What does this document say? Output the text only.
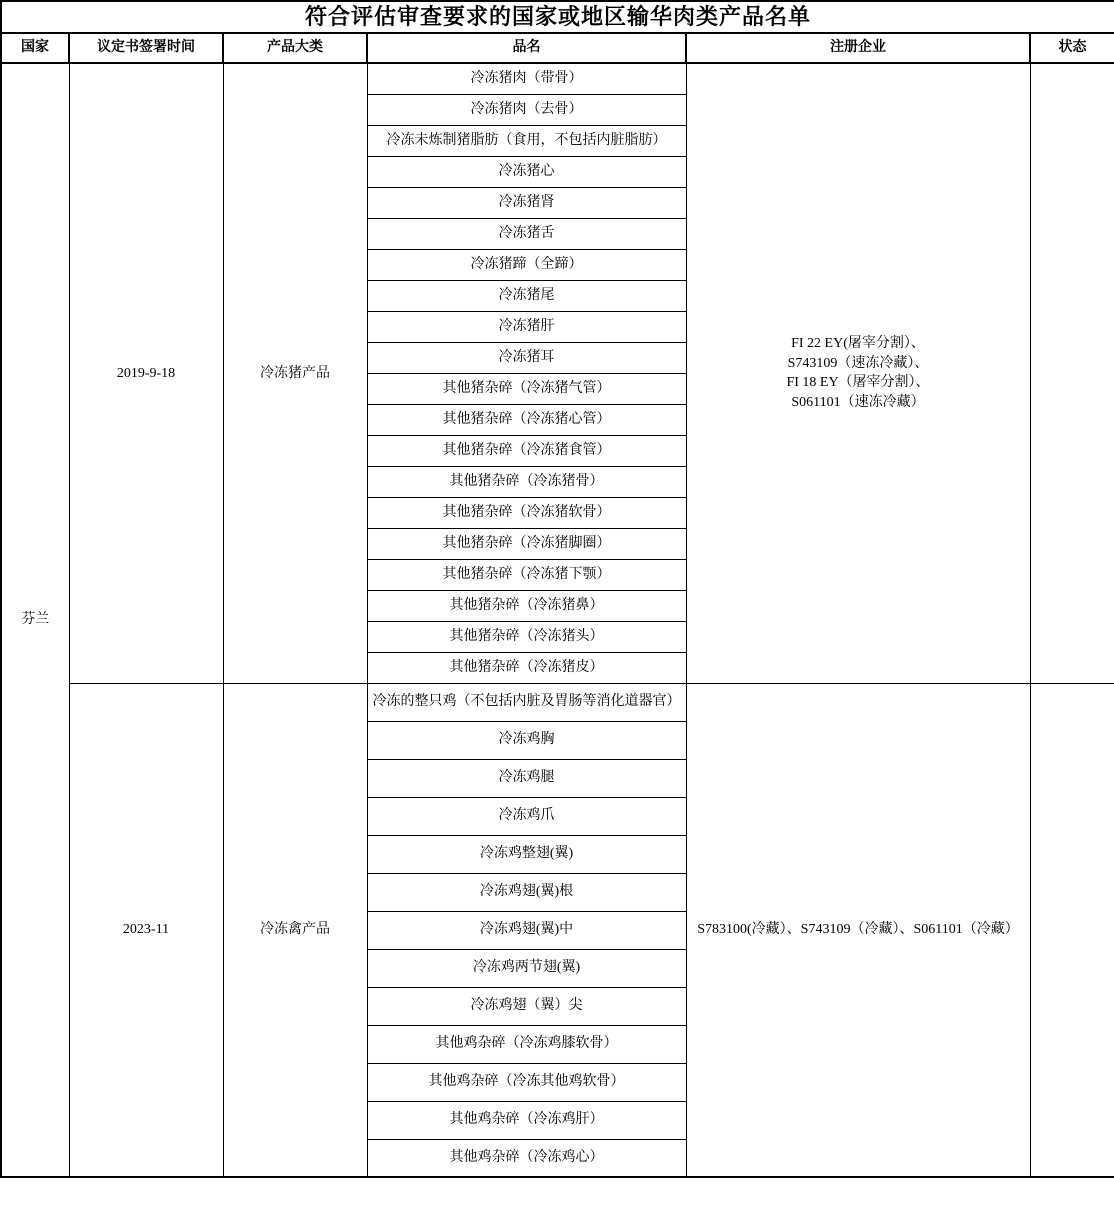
符合评估审查要求的国家或地区输华肉类产品名单					
国家	议定书签署时间	产品大类	品名	注册企业	状态
芬兰	2019-9-18	冷冻猪产品	冷冻猪肉（带骨）	FI 22 EY(屠宰分割）、
S743109（速冻冷藏）、
FI 18 EY（屠宰分割）、
S061101（速冻冷藏）	

			冷冻猪肉（去骨）		
			冷冻未炼制猪脂肪（食用，不包括内脏脂肪）		
			冷冻猪心		
			冷冻猪肾		
			冷冻猪舌		
			冷冻猪蹄（全蹄）		
			冷冻猪尾		
			冷冻猪肝		
			冷冻猪耳		
			其他猪杂碎（冷冻猪气管）		
			其他猪杂碎（冷冻猪心管）		
			其他猪杂碎（冷冻猪食管）		
			其他猪杂碎（冷冻猪骨）		
			其他猪杂碎（冷冻猪软骨）		
			其他猪杂碎（冷冻猪脚圈）		
			其他猪杂碎（冷冻猪下颚）		
			其他猪杂碎（冷冻猪鼻）		
			其他猪杂碎（冷冻猪头）		
			其他猪杂碎（冷冻猪皮）		
	2023-11	冷冻禽产品	冷冻的整只鸡（不包括内脏及胃肠等消化道器官）	S783100(冷藏）、S743109（冷藏）、S061101（冷藏）	

			冷冻鸡胸		
			冷冻鸡腿		
			冷冻鸡爪		
			冷冻鸡整翅(翼)		
			冷冻鸡翅(翼)根		
			冷冻鸡翅(翼)中		
			冷冻鸡两节翅(翼)		
			冷冻鸡翅（翼）尖		
			其他鸡杂碎（冷冻鸡膝软骨）		
			其他鸡杂碎（冷冻其他鸡软骨）		
			其他鸡杂碎（冷冻鸡肝）		
			其他鸡杂碎（冷冻鸡心）		
